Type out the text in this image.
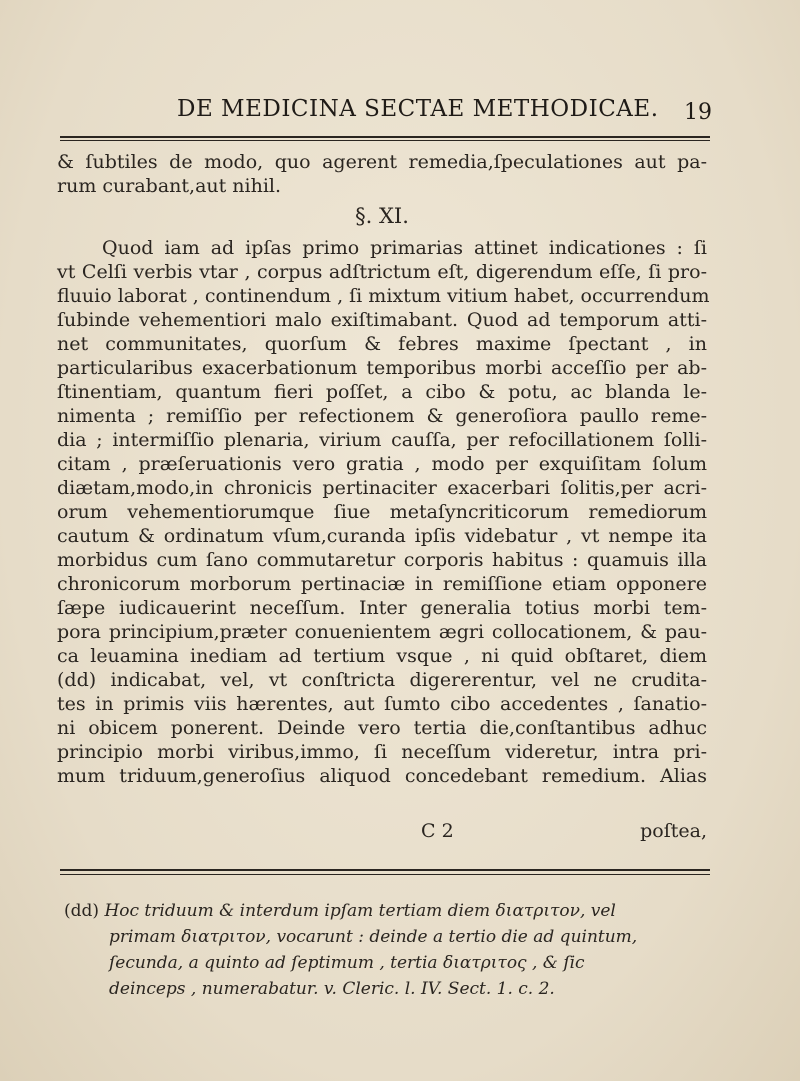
DE MEDICINA SECTAE METHODICAE. 19
& ſubtiles de modo, quo agerent remedia,ſpeculationes aut pa-
rum curabant,aut nihil.
§. XI.
Quod iam ad ipſas primo primarias attinet indicationes : ſi
vt Celſi verbis vtar , corpus adſtrictum eſt, digerendum eſſe, ſi pro-
fluuio laborat , continendum , ſi mixtum vitium habet, occurrendum
ſubinde vehementiori malo exiſtimabant. Quod ad temporum atti-
net communitates, quorſum & febres maxime ſpectant , in
particularibus exacerbationum temporibus morbi acceſſio per ab-
ſtinentiam, quantum fieri poſſet, a cibo & potu, ac blanda le-
nimenta ; remiſſio per refectionem & generoſiora paullo reme-
dia ; intermiſſio plenaria, virium cauſſa, per refocillationem ſolli-
citam , præſeruationis vero gratia , modo per exquiſitam ſolum
diætam,modo,in chronicis pertinaciter exacerbari ſolitis,per acri-
orum vehementiorumque ſiue metaſyncriticorum remediorum
cautum & ordinatum vſum,curanda ipſis videbatur , vt nempe ita
morbidus cum ſano commutaretur corporis habitus : quamuis illa
chronicorum morborum pertinaciæ in remiſſione etiam opponere
ſæpe iudicauerint neceſſum. Inter generalia totius morbi tem-
pora principium,præter conuenientem ægri collocationem, & pau-
ca leuamina inediam ad tertium vsque , ni quid obſtaret, diem
(dd) indicabat, vel, vt conſtricta digererentur, vel ne crudita-
tes in primis viis hærentes, aut ſumto cibo accedentes , ſanatio-
ni obicem ponerent. Deinde vero tertia die,conſtantibus adhuc
principio morbi viribus,immo, ſi neceſſum videretur, intra pri-
mum triduum,generoſius aliquod concedebant remedium. Alias
C 2	poſtea,
(dd) Hoc triduum & interdum ipſam tertiam diem διατριτον, vel
primam διατριτον, vocarunt : deinde a tertio die ad quintum,
ſecunda, a quinto ad ſeptimum , tertia διατριτος , & ſic
deinceps , numerabatur. v. Cleric. l. IV. Sect. 1. c. 2.
